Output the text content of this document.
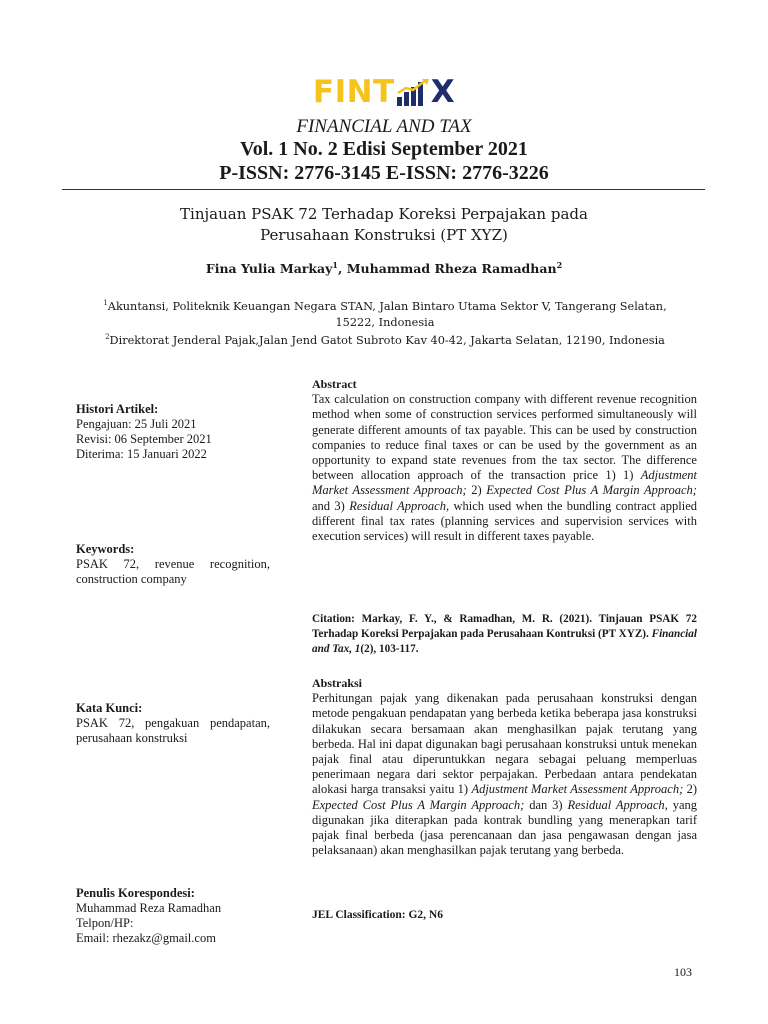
FINT X
FINANCIAL AND TAX
Vol. 1 No. 2 Edisi September 2021
P-ISSN: 2776-3145 E-ISSN: 2776-3226
Tinjauan PSAK 72 Terhadap Koreksi Perpajakan pada
Perusahaan Konstruksi (PT XYZ)
Fina Yulia Markay$^1$, Muhammad Rheza Ramadhan$^2$
$^1$Akuntansi, Politeknik Keuangan Negara STAN, Jalan Bintaro Utama Sektor V, Tangerang Selatan, 15222, Indonesia
$^2$Direktorat Jenderal Pajak,Jalan Jend Gatot Subroto Kav 40-42, Jakarta Selatan, 12190, Indonesia
Histori Artikel:
Pengajuan: 25 Juli 2021
Revisi: 06 September 2021
Diterima: 15 Januari 2022
Keywords:
PSAK 72, revenue recognition, construction company
Kata Kunci:
PSAK 72, pengakuan pendapatan, perusahaan konstruksi
Penulis Korespondesi:
Muhammad Reza Ramadhan
Telpon/HP:
Email: rhezakz@gmail.com
Abstract
Tax calculation on construction company with different revenue recognition method when some of construction services performed simultaneously will generate different amounts of tax payable. This can be used by construction companies to reduce final taxes or can be used by the government as an opportunity to expand state revenues from the tax sector. The difference between allocation approach of the transaction price 1) 1) Adjustment Market Assessment Approach; 2) Expected Cost Plus A Margin Approach; and 3) Residual Approach, which used when the bundling contract applied different final tax rates (planning services and supervision services with execution services) will result in different taxes payable.
Citation: Markay, F. Y., & Ramadhan, M. R. (2021). Tinjauan PSAK 72 Terhadap Koreksi Perpajakan pada Perusahaan Kontruksi (PT XYZ). Financial and Tax, 1(2), 103-117.
Abstraksi
Perhitungan pajak yang dikenakan pada perusahaan konstruksi dengan metode pengakuan pendapatan yang berbeda ketika beberapa jasa konstruksi dilakukan secara bersamaan akan menghasilkan pajak terutang yang berbeda. Hal ini dapat digunakan bagi perusahaan konstruksi untuk menekan pajak final atau diperuntukkan negara sebagai peluang memperluas penerimaan negara dari sektor perpajakan. Perbedaan antara pendekatan alokasi harga transaksi yaitu 1) Adjustment Market Assessment Approach; 2) Expected Cost Plus A Margin Approach; dan 3) Residual Approach, yang digunakan jika diterapkan pada kontrak bundling yang menerapkan tarif pajak final berbeda (jasa perencanaan dan jasa pengawasan dengan jasa pelaksanaan) akan menghasilkan pajak terutang yang berbeda.
JEL Classification: G2, N6
103
